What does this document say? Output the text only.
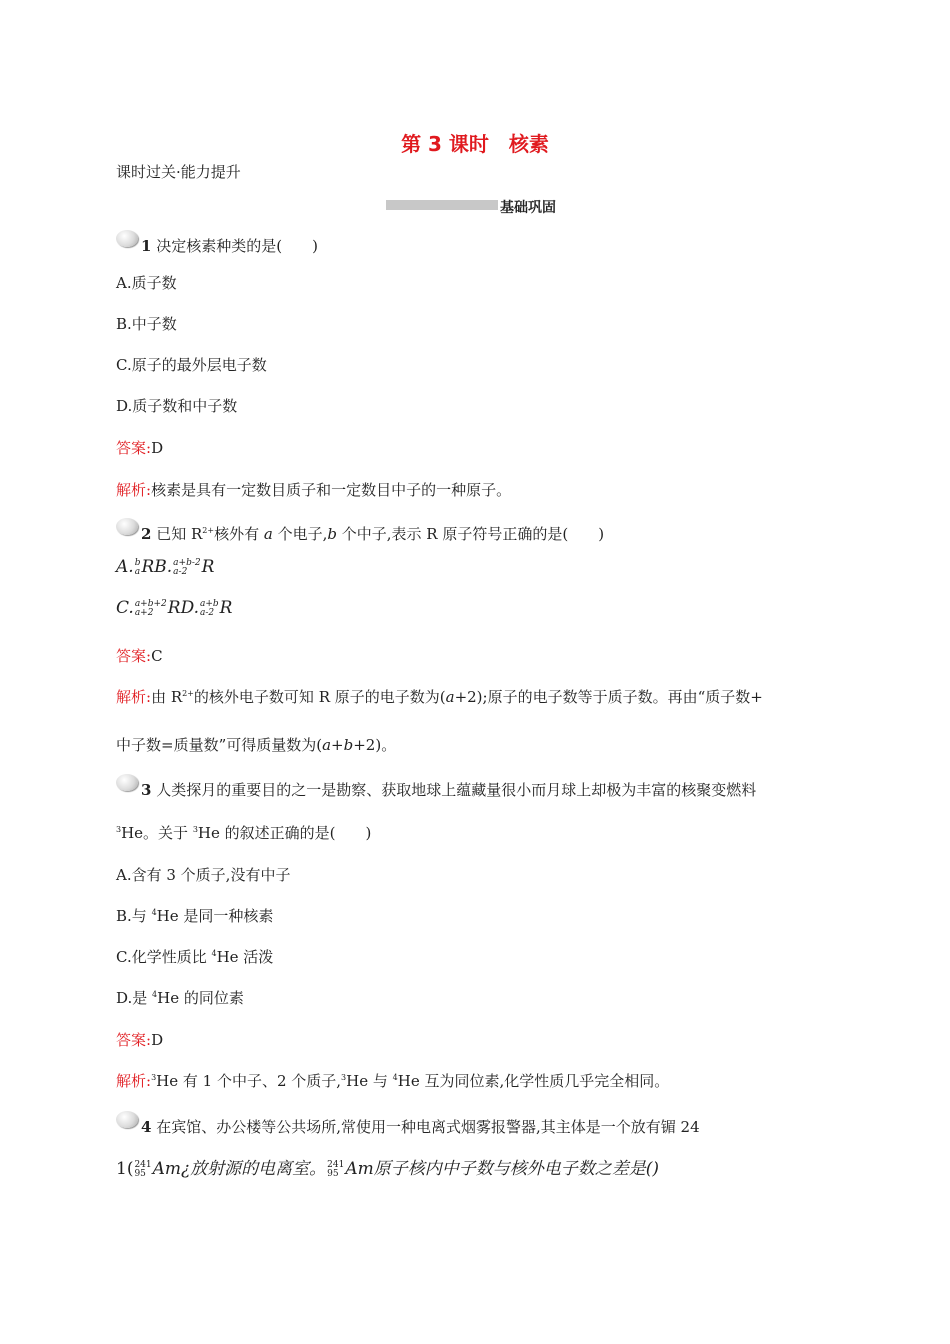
第 3 课时　核素
课时过关·能力提升
基础巩固
1 决定核素种类的是(　　)
A.质子数
B.中子数
C.原子的最外层电子数
D.质子数和中子数
答案:D
解析:核素是具有一定数目质子和一定数目中子的一种原子。
2 已知 $R^{2+}$核外有 a 个电子,b 个中子,表示 R 原子符号正确的是(　　)
A. b
a RB. a+b-2
a-2 R
C. a+b+2
a+2 RD. a+b
a-2 R
答案:C
解析:由 $R^{2+}$的核外电子数可知 R 原子的电子数为(a+2);原子的电子数等于质子数。再由“质子数+
中子数=质量数”可得质量数为(a+b+2)。
3 人类探月的重要目的之一是勘察、获取地球上蕴藏量很小而月球上却极为丰富的核聚变燃料
$^3$He。关于 $^3$He 的叙述正确的是(　　)
A.含有 3 个质子,没有中子
B.与 $^4$He 是同一种核素
C.化学性质比 $^4$He 活泼
D.是 $^4$He 的同位素
答案:D
解析:$^3$He 有 1 个中子、2 个质子,$^3$He 与 $^4$He 互为同位素,化学性质几乎完全相同。
4 在宾馆、办公楼等公共场所,常使用一种电离式烟雾报警器,其主体是一个放有镅 24
1( 241
95 Am¿放射源的电离室。 241
95 Am原子核内中子数与核外电子数之差是()
